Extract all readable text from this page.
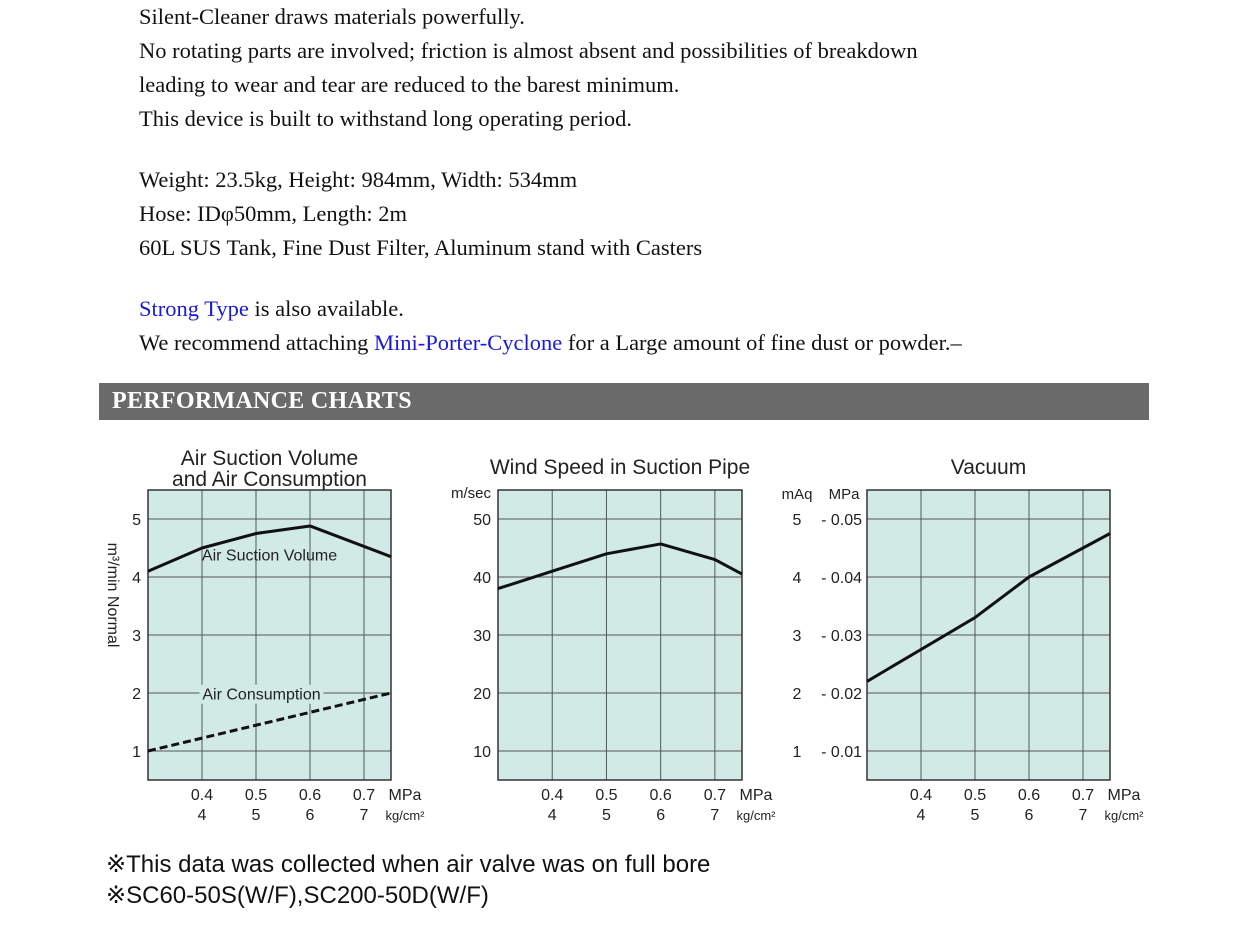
Silent-Cleaner draws materials powerfully.
No rotating parts are involved; friction is almost absent and possibilities of breakdown
leading to wear and tear are reduced to the barest minimum.
This device is built to withstand long operating period.
Weight: 23.5kg, Height: 984mm, Width: 534mm
Hose: IDφ50mm, Length: 2m
60L SUS Tank, Fine Dust Filter, Aluminum stand with Casters
Strong Type is also available.
We recommend attaching Mini-Porter-Cyclone for a Large amount of fine dust or powder.–
PERFORMANCE CHARTS
Air Suction Volume
and Air Consumption
1
2
3
4
5
m³/min Normal
0.4
4
0.5
5
0.6
6
0.7
7
MPa
kg/cm²
Air Suction Volume
Air Consumption
Wind Speed in Suction Pipe
10
20
30
40
50
m/sec
0.4
4
0.5
5
0.6
6
0.7
7
MPa
kg/cm²
Vacuum
1 - 0.01
2 - 0.02
3 - 0.03
4 - 0.04
5 - 0.05
mAq MPa
0.4
4
0.5
5
0.6
6
0.7
7
MPa
kg/cm²
※This data was collected when air valve was on full bore
※SC60-50S(W/F),SC200-50D(W/F)
